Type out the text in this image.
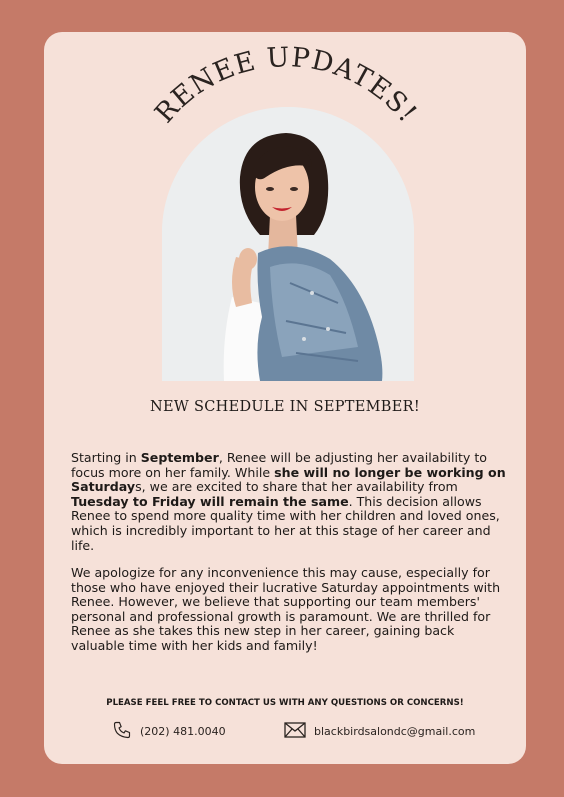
RENEE UPDATES!
NEW SCHEDULE IN SEPTEMBER!

Starting in September, Renee will be adjusting her availability to focus more on her family. While she will no longer be working on Saturdays, we are excited to share that her availability from Tuesday to Friday will remain the same. This decision allows Renee to spend more quality time with her children and loved ones, which is incredibly important to her at this stage of her career and life.

We apologize for any inconvenience this may cause, especially for those who have enjoyed their lucrative Saturday appointments with Renee. However, we believe that supporting our team members' personal and professional growth is paramount. We are thrilled for Renee as she takes this new step in her career, gaining back valuable time with her kids and family!

PLEASE FEEL FREE TO CONTACT US WITH ANY QUESTIONS OR CONCERNS!
(202) 481.0040	blackbirdsalondc@gmail.com
